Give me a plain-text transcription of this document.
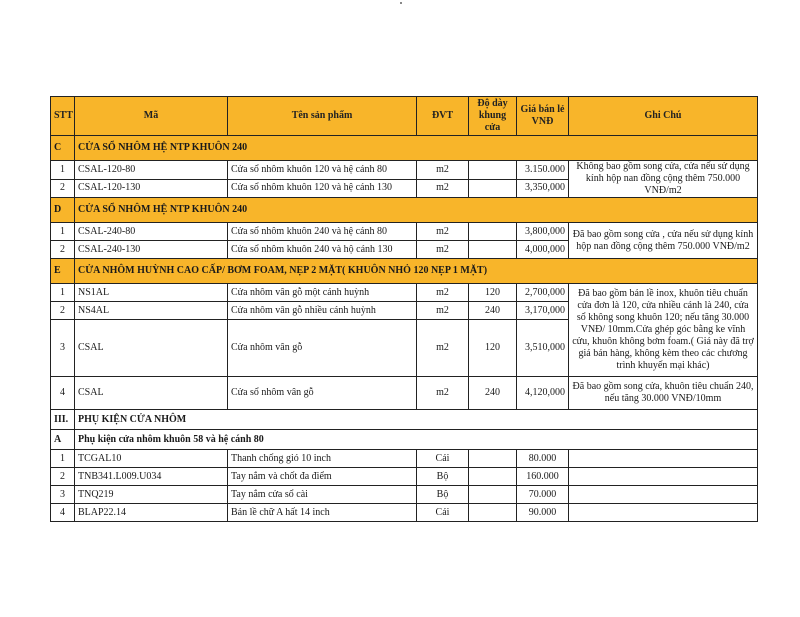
STT	Mã	Tên sản phẩm	ĐVT	Độ dày khung cửa	Giá bán lẻ VNĐ	Ghi Chú
C	CỬA SỔ NHÔM HỆ NTP KHUÔN 240					
1	CSAL-120-80	Cửa sổ nhôm khuôn 120 và hệ cánh 80	m2		3.150.000	Không bao gồm song cửa, cửa nếu sử dụng kính hộp nan đồng cộng thêm 750.000 VNĐ/m2
2	CSAL-120-130	Cửa sổ nhôm khuôn 120 và hệ cánh 130	m2		3,350,000	
D	CỬA SỔ NHÔM HỆ NTP KHUÔN 240					
1	CSAL-240-80	Cửa sổ nhôm khuôn 240 và hệ cánh 80	m2		3,800,000	Đã bao gồm song cửa , cửa nếu sử dụng kính hộp nan đồng cộng thêm 750.000 VNĐ/m2
2	CSAL-240-130	Cửa sổ nhôm khuôn 240 và hộ cánh 130	m2		4,000,000	
E	CỬA NHÔM HUỲNH CAO CẤP/ BƠM FOAM, NẸP 2 MẶT( KHUÔN NHỎ 120 NẸP 1 MẶT)					
1	NS1AL	Cửa nhôm vân gỗ một cánh huỳnh	m2	120	2,700,000	Đã bao gồm bản lề inox, khuôn tiêu chuẩn cửa đơn là 120, cửa nhiều cánh là 240, cửa sổ không song khuôn 120; nếu tăng 30.000 VNĐ/ 10mm.Cửa ghép góc bằng ke vĩnh cửu, khuôn không bơm foam.( Giá này đã trợ giá bán hàng, không kèm theo các chương trình khuyến mại khác)
2	NS4AL	Cửa nhôm vân gỗ nhiều cánh huỳnh	m2	240	3,170,000	
3	CSAL	Cửa nhôm vân gỗ	m2	120	3,510,000	
4	CSAL	Cửa sổ nhôm vân gỗ	m2	240	4,120,000	Đã bao gồm song cửa, khuôn tiêu chuẩn 240, nếu tăng 30.000 VNĐ/10mm
III.	PHỤ KIỆN CỬA NHÔM					
A	Phụ kiện cửa nhôm khuôn 58 và hệ cánh 80					
1	TCGAL10	Thanh chống gió 10 inch	Cái		80.000	
2	TNB341.L009.U034	Tay nắm và chốt đa điểm	Bộ		160.000	
3	TNQ219	Tay nắm cửa sổ cài	Bộ		70.000	
4	BLAP22.14	Bản lề chữ A hất 14 inch	Cái		90.000	
